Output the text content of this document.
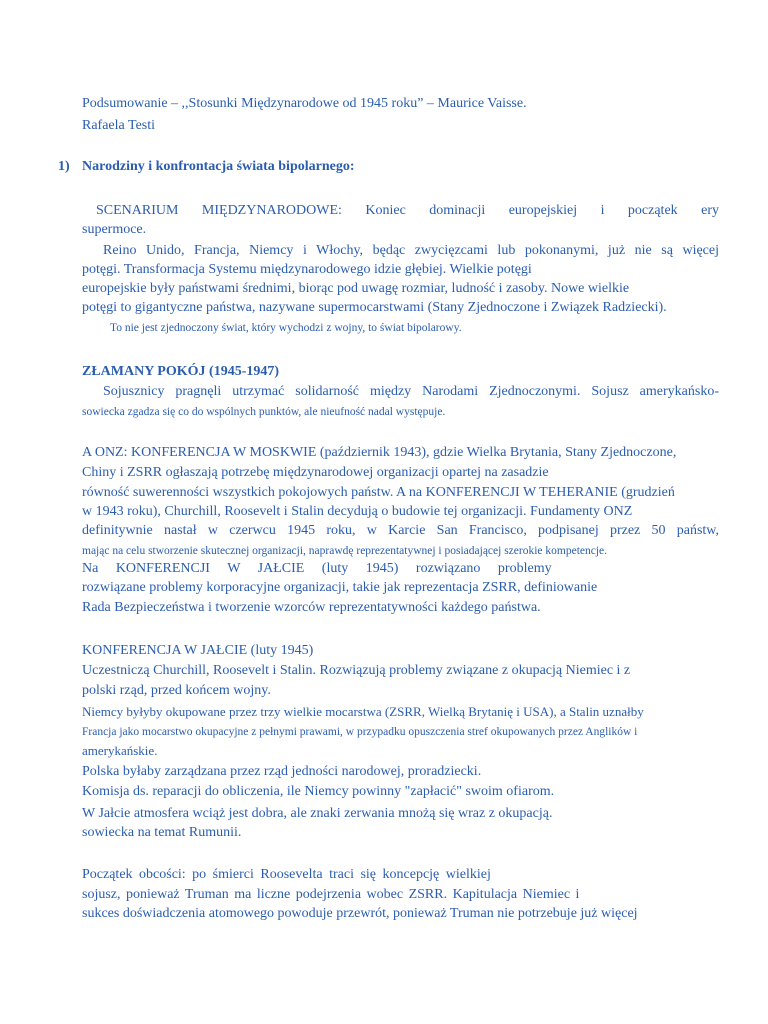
Podsumowanie – ,,Stosunki Międzynarodowe od 1945 roku” – Maurice Vaisse.
Rafaela Testi
1) Narodziny i konfrontacja świata bipolarnego:
SCENARIUM MIĘDZYNARODOWE: Koniec dominacji europejskiej i początek ery
supermoce.
Reino Unido, Francja, Niemcy i Włochy, będąc zwycięzcami lub pokonanymi, już nie są więcej
potęgi. Transformacja Systemu międzynarodowego idzie głębiej. Wielkie potęgi
europejskie były państwami średnimi, biorąc pod uwagę rozmiar, ludność i zasoby. Nowe wielkie
potęgi to gigantyczne państwa, nazywane supermocarstwami (Stany Zjednoczone i Związek Radziecki).
To nie jest zjednoczony świat, który wychodzi z wojny, to świat bipolarowy.
ZŁAMANY POKÓJ (1945-1947)
Sojusznicy pragnęli utrzymać solidarność między Narodami Zjednoczonymi. Sojusz amerykańsko-
sowiecka zgadza się co do wspólnych punktów, ale nieufność nadal występuje.
A ONZ: KONFERENCJA W MOSKWIE (październik 1943), gdzie Wielka Brytania, Stany Zjednoczone,
Chiny i ZSRR ogłaszają potrzebę międzynarodowej organizacji opartej na zasadzie
równość suwerenności wszystkich pokojowych państw. A na KONFERENCJI W TEHERANIE (grudzień
w 1943 roku), Churchill, Roosevelt i Stalin decydują o budowie tej organizacji. Fundamenty ONZ
definitywnie nastał w czerwcu 1945 roku, w Karcie San Francisco, podpisanej przez 50 państw,
mając na celu stworzenie skutecznej organizacji, naprawdę reprezentatywnej i posiadającej szerokie kompetencje.
Na KONFERENCJI W JAŁCIE (luty 1945) rozwiązano problemy
rozwiązane problemy korporacyjne organizacji, takie jak reprezentacja ZSRR, definiowanie
Rada Bezpieczeństwa i tworzenie wzorców reprezentatywności każdego państwa.
KONFERENCJA W JAŁCIE (luty 1945)
Uczestniczą Churchill, Roosevelt i Stalin. Rozwiązują problemy związane z okupacją Niemiec i z
polski rząd, przed końcem wojny.
Niemcy byłyby okupowane przez trzy wielkie mocarstwa (ZSRR, Wielką Brytanię i USA), a Stalin uznałby
Francja jako mocarstwo okupacyjne z pełnymi prawami, w przypadku opuszczenia stref okupowanych przez Anglików i
amerykańskie.
Polska byłaby zarządzana przez rząd jedności narodowej, proradziecki.
Komisja ds. reparacji do obliczenia, ile Niemcy powinny "zapłacić" swoim ofiarom.
W Jałcie atmosfera wciąż jest dobra, ale znaki zerwania mnożą się wraz z okupacją.
sowiecka na temat Rumunii.
Początek obcości: po śmierci Roosevelta traci się koncepcję wielkiej
sojusz, ponieważ Truman ma liczne podejrzenia wobec ZSRR. Kapitulacja Niemiec i
sukces doświadczenia atomowego powoduje przewrót, ponieważ Truman nie potrzebuje już więcej
